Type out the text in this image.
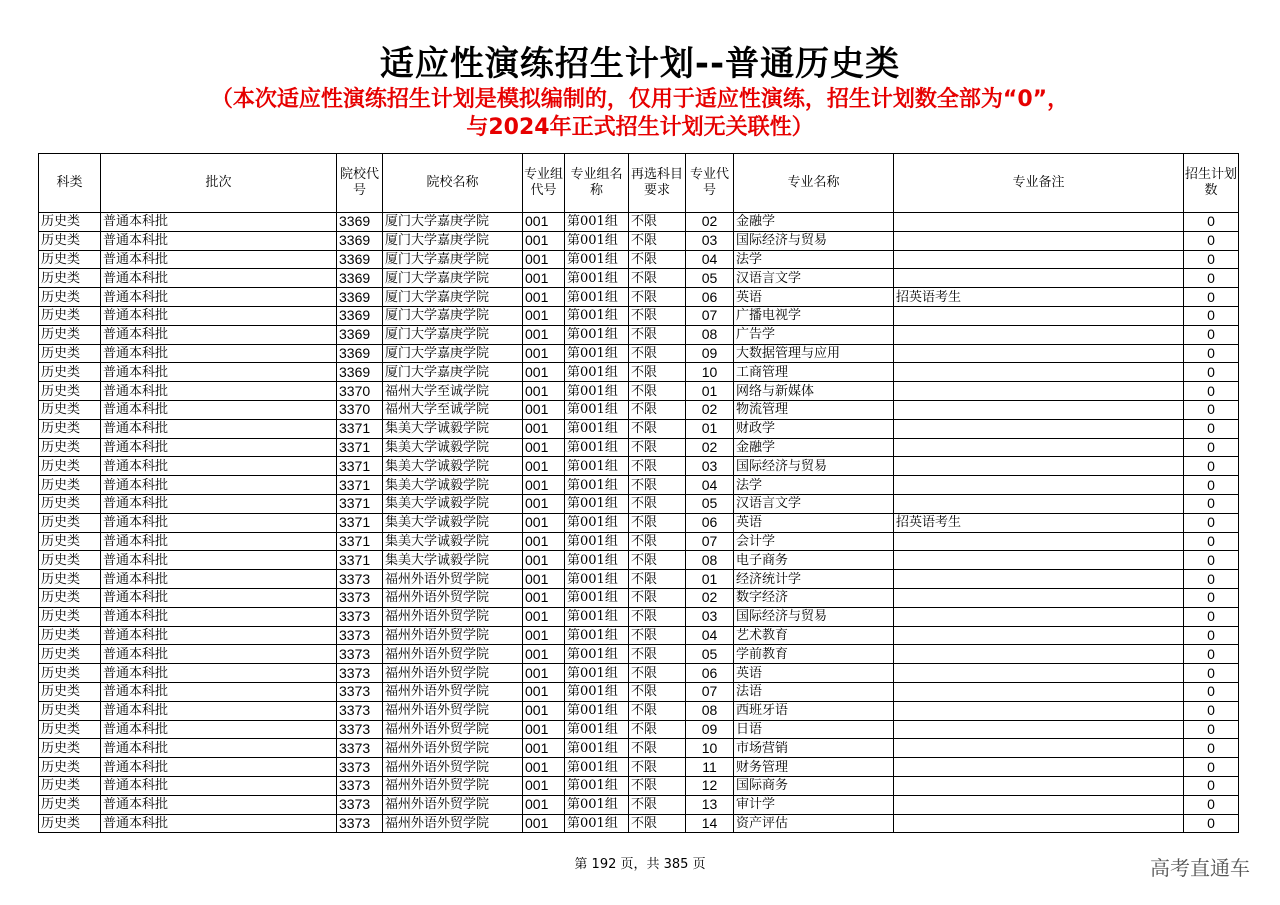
适应性演练招生计划--普通历史类
（本次适应性演练招生计划是模拟编制的，仅用于适应性演练，招生计划数全部为“0”，
与2024年正式招生计划无关联性）
科类	批次	院校代号	院校名称	专业组代号	专业组名称	再选科目要求	专业代号	专业名称	专业备注	招生计划数
历史类	普通本科批	3369	厦门大学嘉庚学院	001	第001组	不限	02	金融学		0
历史类	普通本科批	3369	厦门大学嘉庚学院	001	第001组	不限	03	国际经济与贸易		0
历史类	普通本科批	3369	厦门大学嘉庚学院	001	第001组	不限	04	法学		0
历史类	普通本科批	3369	厦门大学嘉庚学院	001	第001组	不限	05	汉语言文学		0
历史类	普通本科批	3369	厦门大学嘉庚学院	001	第001组	不限	06	英语	招英语考生	0
历史类	普通本科批	3369	厦门大学嘉庚学院	001	第001组	不限	07	广播电视学		0
历史类	普通本科批	3369	厦门大学嘉庚学院	001	第001组	不限	08	广告学		0
历史类	普通本科批	3369	厦门大学嘉庚学院	001	第001组	不限	09	大数据管理与应用		0
历史类	普通本科批	3369	厦门大学嘉庚学院	001	第001组	不限	10	工商管理		0
历史类	普通本科批	3370	福州大学至诚学院	001	第001组	不限	01	网络与新媒体		0
历史类	普通本科批	3370	福州大学至诚学院	001	第001组	不限	02	物流管理		0
历史类	普通本科批	3371	集美大学诚毅学院	001	第001组	不限	01	财政学		0
历史类	普通本科批	3371	集美大学诚毅学院	001	第001组	不限	02	金融学		0
历史类	普通本科批	3371	集美大学诚毅学院	001	第001组	不限	03	国际经济与贸易		0
历史类	普通本科批	3371	集美大学诚毅学院	001	第001组	不限	04	法学		0
历史类	普通本科批	3371	集美大学诚毅学院	001	第001组	不限	05	汉语言文学		0
历史类	普通本科批	3371	集美大学诚毅学院	001	第001组	不限	06	英语	招英语考生	0
历史类	普通本科批	3371	集美大学诚毅学院	001	第001组	不限	07	会计学		0
历史类	普通本科批	3371	集美大学诚毅学院	001	第001组	不限	08	电子商务		0
历史类	普通本科批	3373	福州外语外贸学院	001	第001组	不限	01	经济统计学		0
历史类	普通本科批	3373	福州外语外贸学院	001	第001组	不限	02	数字经济		0
历史类	普通本科批	3373	福州外语外贸学院	001	第001组	不限	03	国际经济与贸易		0
历史类	普通本科批	3373	福州外语外贸学院	001	第001组	不限	04	艺术教育		0
历史类	普通本科批	3373	福州外语外贸学院	001	第001组	不限	05	学前教育		0
历史类	普通本科批	3373	福州外语外贸学院	001	第001组	不限	06	英语		0
历史类	普通本科批	3373	福州外语外贸学院	001	第001组	不限	07	法语		0
历史类	普通本科批	3373	福州外语外贸学院	001	第001组	不限	08	西班牙语		0
历史类	普通本科批	3373	福州外语外贸学院	001	第001组	不限	09	日语		0
历史类	普通本科批	3373	福州外语外贸学院	001	第001组	不限	10	市场营销		0
历史类	普通本科批	3373	福州外语外贸学院	001	第001组	不限	11	财务管理		0
历史类	普通本科批	3373	福州外语外贸学院	001	第001组	不限	12	国际商务		0
历史类	普通本科批	3373	福州外语外贸学院	001	第001组	不限	13	审计学		0
历史类	普通本科批	3373	福州外语外贸学院	001	第001组	不限	14	资产评估		0
第 192 页，共 385 页	高考直通车
